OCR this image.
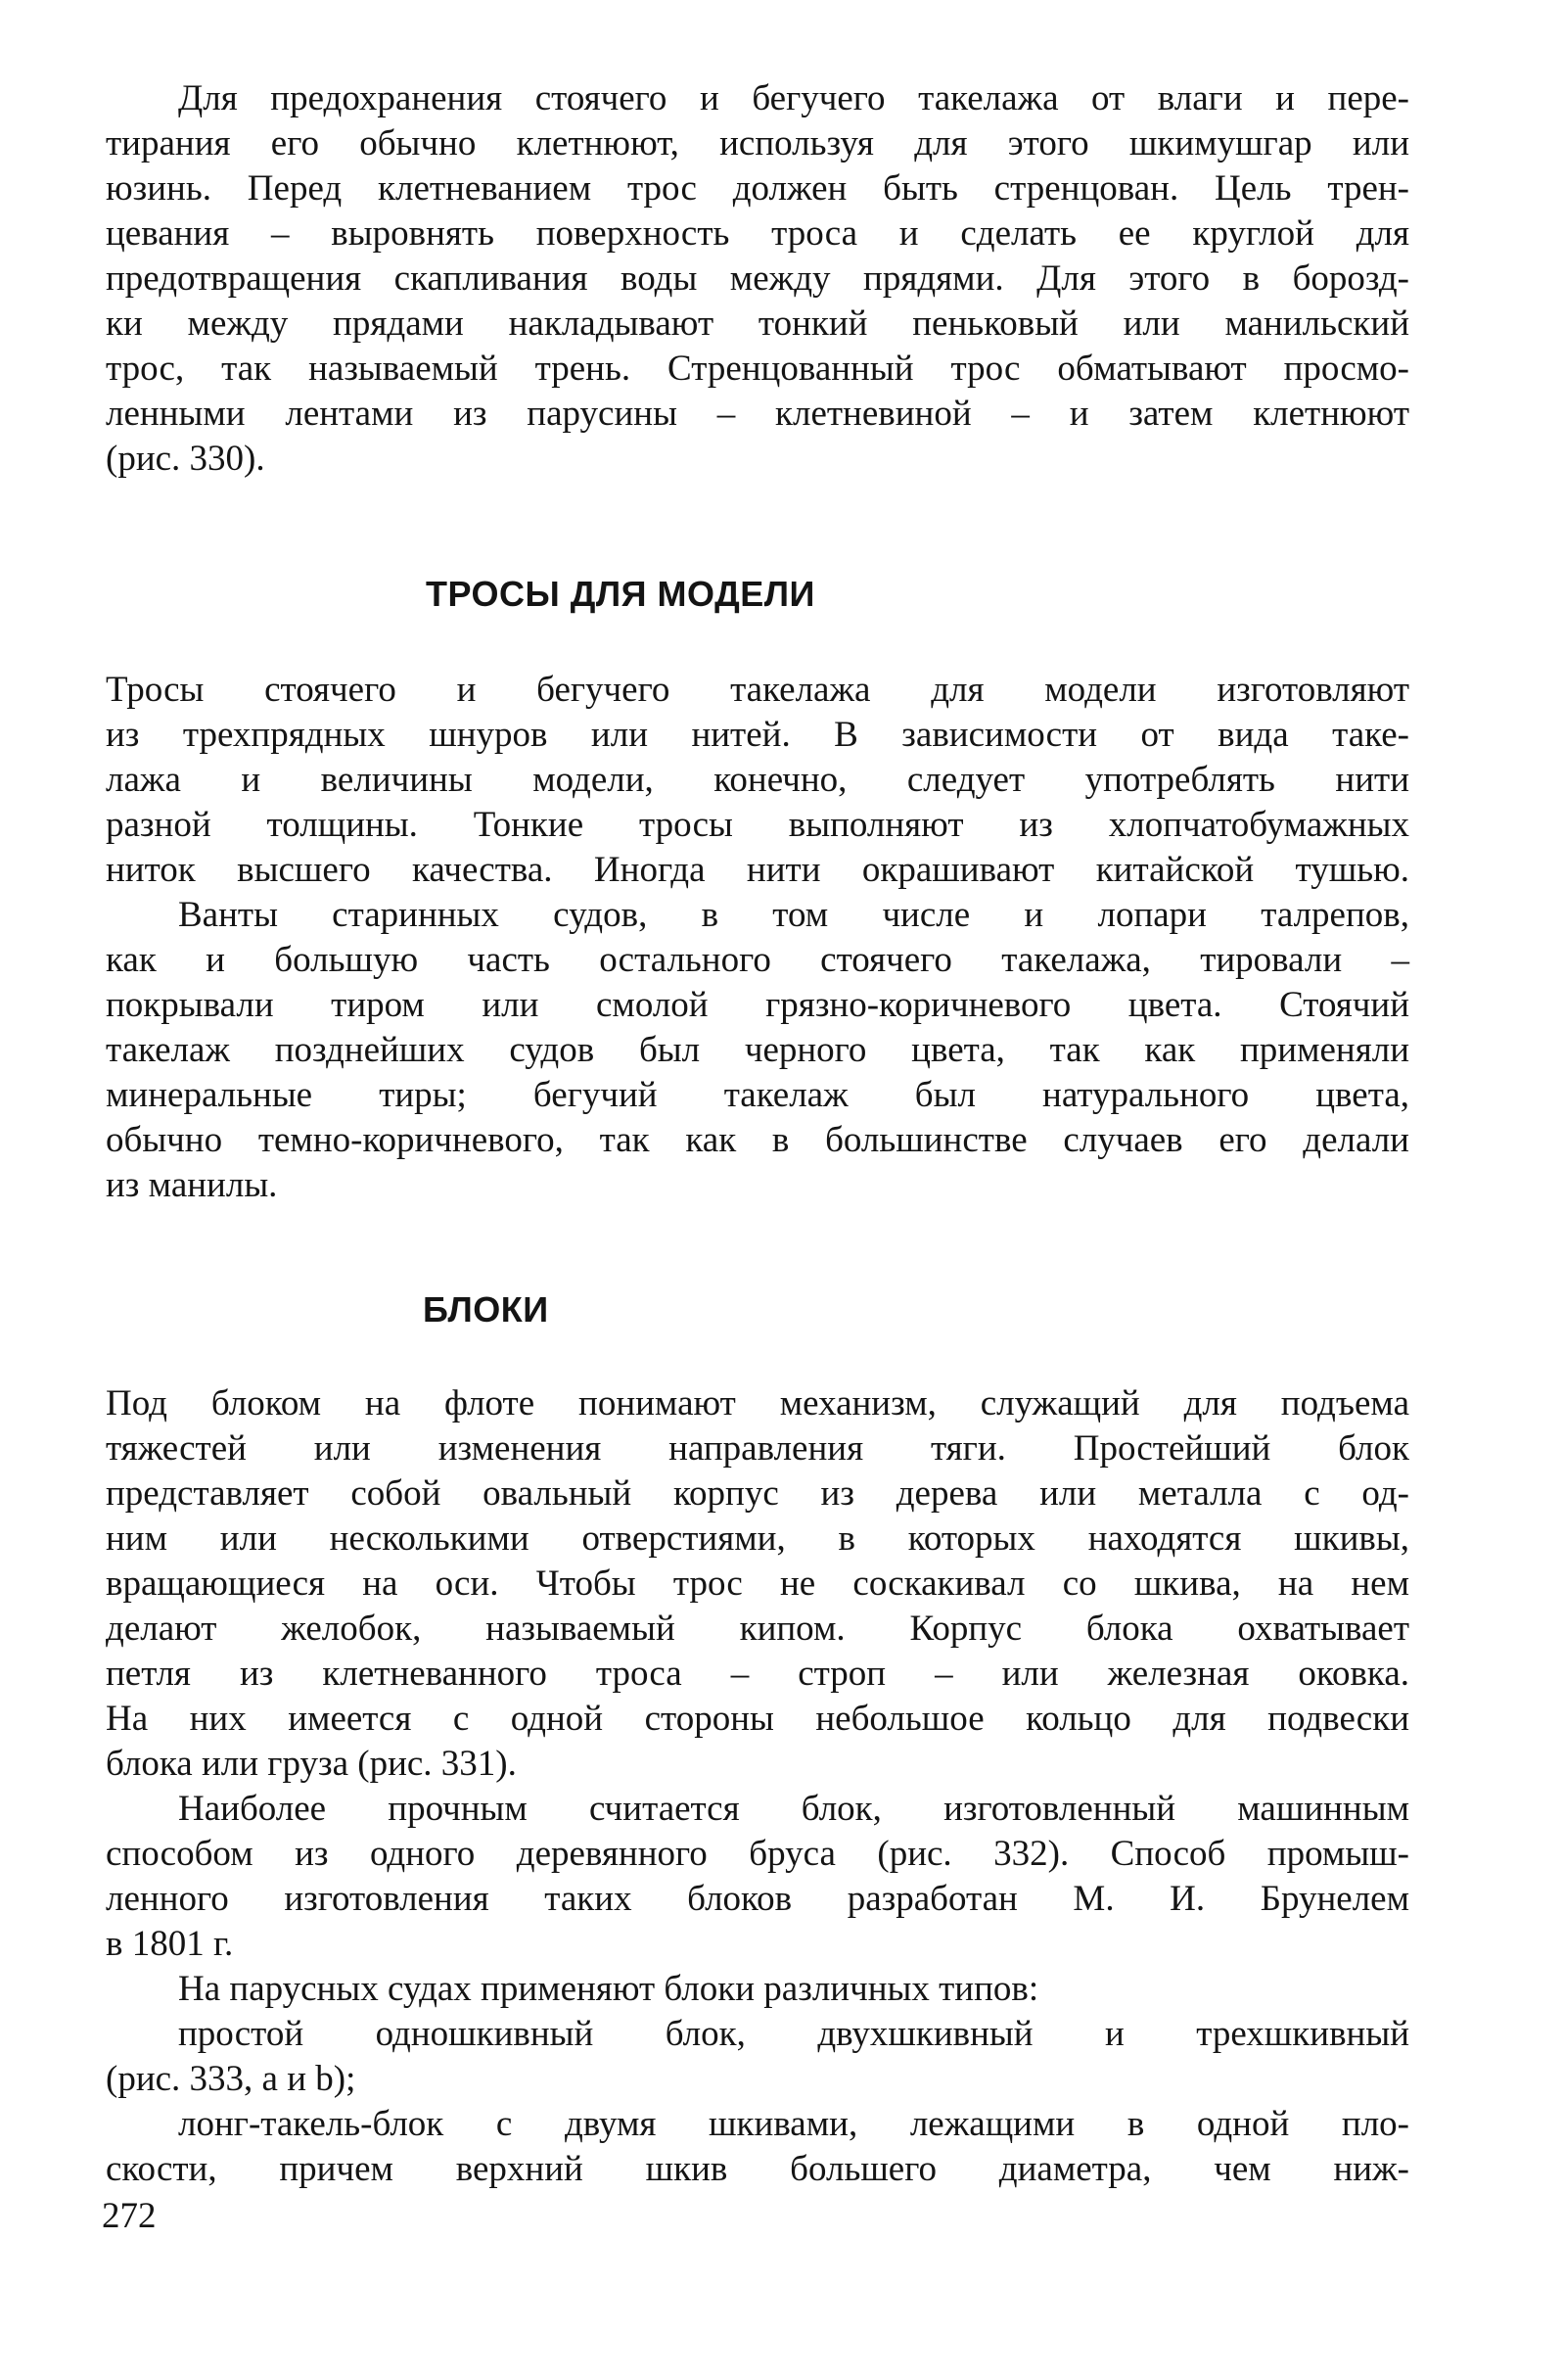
Для предохранения стоячего и бегучего такелажа от влаги и пере-
тирания его обычно клетнюют, используя для этого шкимушгар или
юзинь. Перед клетневанием трос должен быть стренцован. Цель трен-
цевания – выровнять поверхность троса и сделать ее круглой для
предотвращения скапливания воды между прядями. Для этого в борозд-
ки между прядами накладывают тонкий пеньковый или манильский
трос, так называемый трень. Стренцованный трос обматывают просмо-
ленными лентами из парусины – клетневиной – и затем клетнюют
(рис. 330).
ТРОСЫ ДЛЯ МОДЕЛИ
Тросы стоячего и бегучего такелажа для модели изготовляют
из трехпрядных шнуров или нитей. В зависимости от вида таке-
лажа и величины модели, конечно, следует употреблять нити
разной толщины. Тонкие тросы выполняют из хлопчатобумажных
ниток высшего качества. Иногда нити окрашивают китайской тушью.
Ванты старинных судов, в том числе и лопари талрепов,
как и большую часть остального стоячего такелажа, тировали –
покрывали тиром или смолой грязно-коричневого цвета. Стоячий
такелаж позднейших судов был черного цвета, так как применяли
минеральные тиры; бегучий такелаж был натурального цвета,
обычно темно-коричневого, так как в большинстве случаев его делали
из манилы.
БЛОКИ
Под блоком на флоте понимают механизм, служащий для подъема
тяжестей или изменения направления тяги. Простейший блок
представляет собой овальный корпус из дерева или металла с од-
ним или несколькими отверстиями, в которых находятся шкивы,
вращающиеся на оси. Чтобы трос не соскакивал со шкива, на нем
делают желобок, называемый кипом. Корпус блока охватывает
петля из клетневанного троса – строп – или железная оковка.
На них имеется с одной стороны небольшое кольцо для подвески
блока или груза (рис. 331).
Наиболее прочным считается блок, изготовленный машинным
способом из одного деревянного бруса (рис. 332). Способ промыш-
ленного изготовления таких блоков разработан М. И. Брунелем
в 1801 г.
На парусных судах применяют блоки различных типов:
простой одношкивный блок, двухшкивный и трехшкивный
(рис. 333, а и b);
лонг-такель-блок с двумя шкивами, лежащими в одной пло-
скости, причем верхний шкив большего диаметра, чем ниж-
272
